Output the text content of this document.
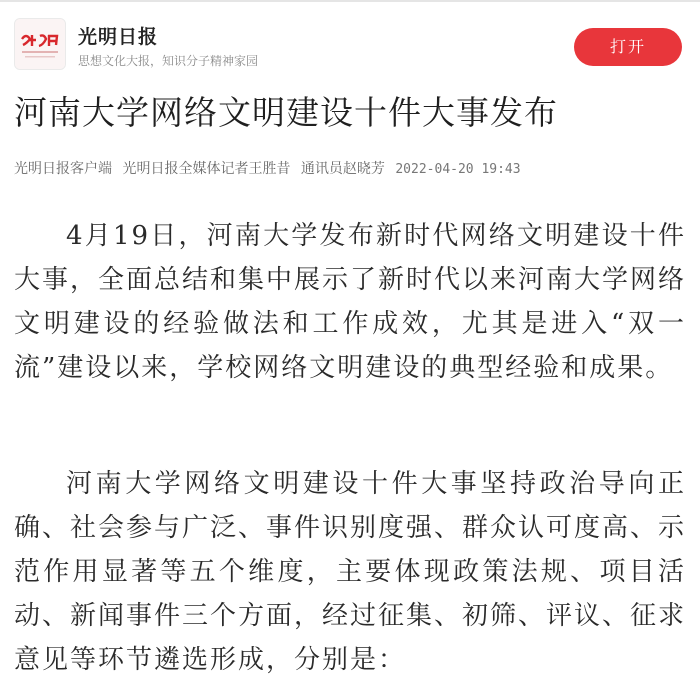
光明日报
思想文化大报，知识分子精神家园
打开
河南大学网络文明建设十件大事发布
光明日报客户端 光明日报全媒体记者王胜昔 通讯员赵晓芳 2022-04-20 19:43

4月19日，河南大学发布新时代网络文明建设十件大事，全面总结和集中展示了新时代以来河南大学网络文明建设的经验做法和工作成效，尤其是进入“双一流”建设以来，学校网络文明建设的典型经验和成果。

河南大学网络文明建设十件大事坚持政治导向正确、社会参与广泛、事件识别度强、群众认可度高、示范作用显著等五个维度，主要体现政策法规、项目活动、新闻事件三个方面，经过征集、初筛、评议、征求意见等环节遴选形成，分别是：
